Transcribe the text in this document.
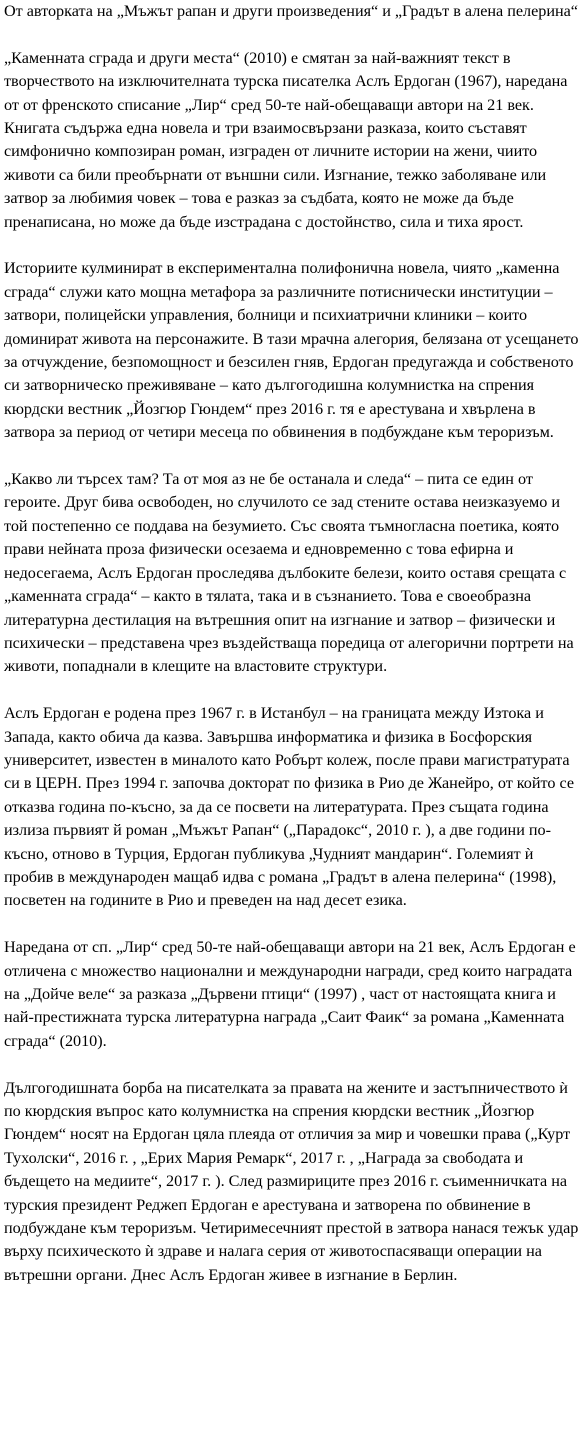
От авторката на „Мъжът рапан и други произведения“ и „Градът в алена пелерина“

„Каменната сграда и други места“ (2010) е смятан за най-важният текст в творчеството на изключителната турска писателка Аслъ Ердоган (1967), наредана от от френското списание „Лир“ сред 50-те най-обещаващи автори на 21 век. Книгата съдържа една новела и три взаимосвързани разказа, които съставят симфонично композиран роман, изграден от личните истории на жени, чиито животи са били преобърнати от външни сили. Изгнание, тежко заболяване или затвор за любимия човек – това е разказ за съдбата, която не може да бъде пренаписана, но може да бъде изстрадана с достойнство, сила и тиха ярост.

Историите кулминират в експериментална полифонична новела, чиято „каменна сграда“ служи като мощна метафора за различните потиснически институции – затвори, полицейски управления, болници и психиатрични клиники – които доминират живота на персонажите. В тази мрачна алегория, белязана от усещането за отчуждение, безпомощност и безсилен гняв, Ердоган предугажда и собственото си затворническо преживяване – като дългогодишна колумнистка на спрения кюрдски вестник „Йозгюр Гюндем“ през 2016 г. тя е арестувана и хвърлена в затвора за период от четири месеца по обвинения в подбуждане към тероризъм.

„Какво ли търсех там? Та от моя аз не бе останала и следа“ – пита се един от героите. Друг бива освободен, но случилото се зад стените остава неизказуемо и той постепенно се поддава на безумието. Със своята тъмногласна поетика, която прави нейната проза физически осезаема и едновременно с това ефирна и недосегаема, Аслъ Ердоган проследява дълбоките белези, които оставя срещата с „каменната сграда“ – както в тялата, така и в съзнанието. Това е своеобразна литературна дестилация на вътрешния опит на изгнание и затвор – физически и психически – представена чрез въздействаща поредица от алегорични портрети на животи, попаднали в клещите на властовите структури.

Аслъ Ердоган е родена през 1967 г. в Истанбул – на границата между Изтока и Запада, както обича да казва. Завършва информатика и физика в Босфорския университет, известен в миналото като Робърт колеж, после прави магистратурата си в ЦЕРН. През 1994 г. започва докторат по физика в Рио де Жанейро, от който се отказва година по-късно, за да се посвети на литературата. През същата година излиза първият й роман „Мъжът Рапан“ („Парадокс“, 2010 г. ), а две години по-късно, отново в Турция, Ердоган публикува „Чудният мандарин“. Големият ѝ пробив в международен мащаб идва с романа „Градът в алена пелерина“ (1998), посветен на годините в Рио и преведен на над десет езика.

Наредана от сп. „Лир“ сред 50-те най-обещаващи автори на 21 век, Аслъ Ердоган е отличена с множество национални и международни награди, сред които наградата на „Дойче веле“ за разказа „Дървени птици“ (1997) , част от настоящата книга и най-престижната турска литературна награда „Саит Фаик“ за романа „Каменната сграда“ (2010).

Дългогодишната борба на писателката за правата на жените и застъпничеството ѝ по кюрдския въпрос като колумнистка на спрения кюрдски вестник „Йозгюр Гюндем“ носят на Ердоган цяла плеяда от отличия за мир и човешки права („Курт Тухолски“, 2016 г. , „Ерих Мария Ремарк“, 2017 г. , „Награда за свободата и бъдещето на медиите“, 2017 г. ). След размириците през 2016 г. съименничката на турския президент Реджеп Ердоган е арестувана и затворена по обвинение в подбуждане към тероризъм. Четиримесечният престой в затвора нанася тежък удар върху психическото ѝ здраве и налага серия от животоспасяващи операции на вътрешни органи. Днес Аслъ Ердоган живее в изгнание в Берлин.
